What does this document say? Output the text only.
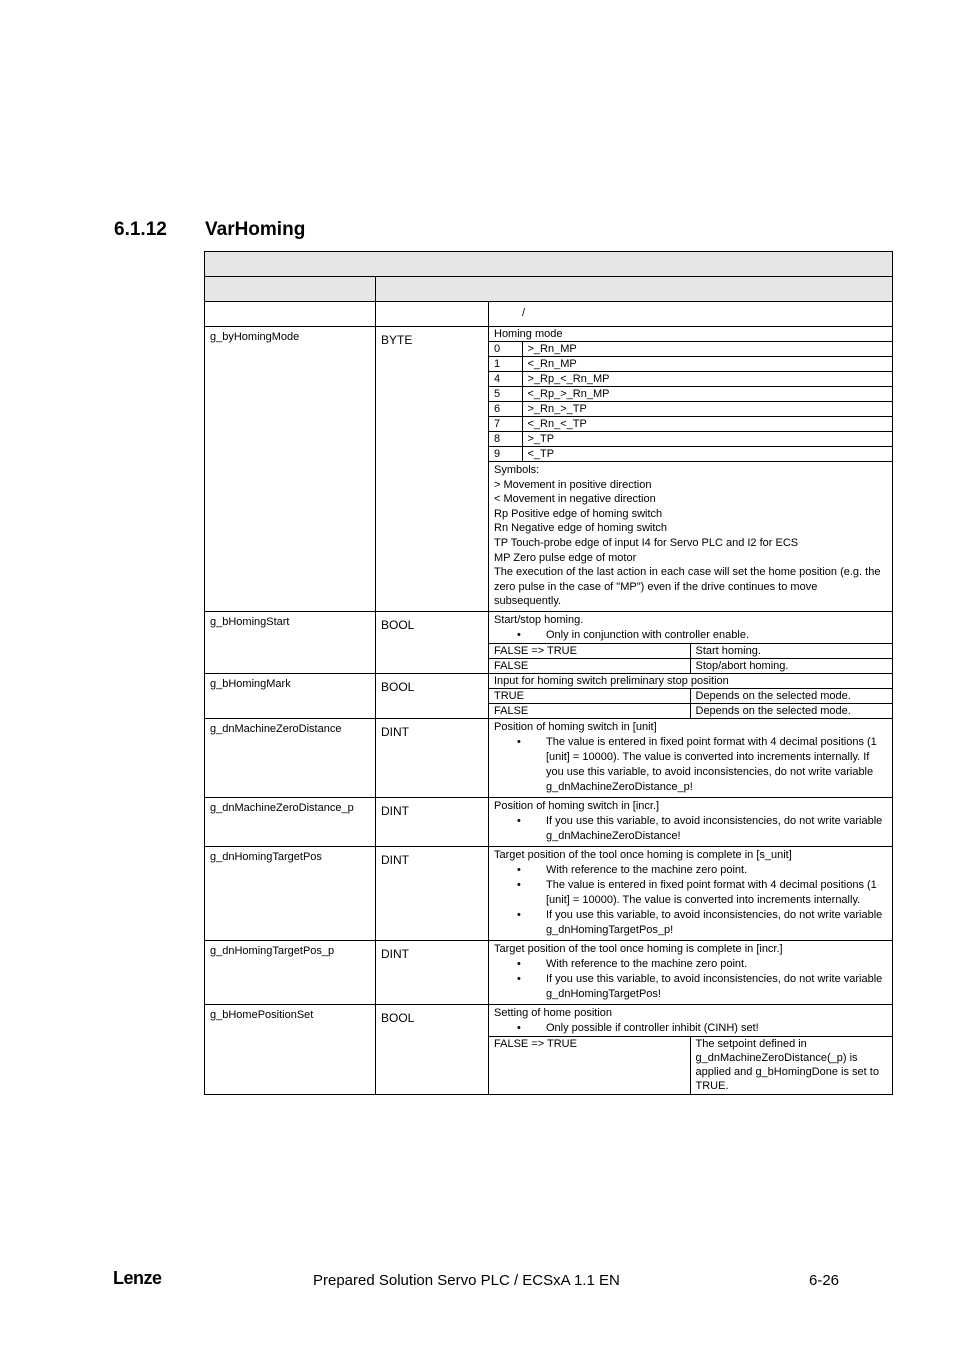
6.1.12	VarHoming

		/
g_byHomingMode	BYTE		Homing mode
0	>_Rn_MP
1	<_Rn_MP
4	>_Rp_<_Rn_MP
5	<_Rp_>_Rn_MP
6	>_Rn_>_TP
7	<_Rn_<_TP
8	>_TP
9	<_TP

Symbols:
> Movement in positive direction
< Movement in negative direction
Rp Positive edge of homing switch
Rn Negative edge of homing switch
TP Touch-probe edge of input I4 for Servo PLC and I2 for ECS
MP Zero pulse edge of motor
The execution of the last action in each case will set the home position (e.g. the zero pulse in the case of "MP") even if the drive continues to move subsequently.

g_bHomingStart	BOOL		Start/stop homing.
• Only in conjunction with controller enable.

FALSE => TRUE	Start homing.
FALSE	Stop/abort homing.

g_bHomingMark	BOOL		Input for homing switch preliminary stop position
TRUE	Depends on the selected mode.
FALSE	Depends on the selected mode.

g_dnMachineZeroDistance	DINT	Position of homing switch in [unit]
• The value is entered in fixed point format with 4 decimal positions (1 [unit] = 10000). The value is converted into increments internally. If you use this variable, to avoid inconsistencies, do not write variable g_dnMachineZeroDistance_p!

g_dnMachineZeroDistance_p	DINT	Position of homing switch in [incr.]
• If you use this variable, to avoid inconsistencies, do not write variable g_dnMachineZeroDistance!

g_dnHomingTargetPos	DINT	Target position of the tool once homing is complete in [s_unit]
• With reference to the machine zero point.
• The value is entered in fixed point format with 4 decimal positions (1 [unit] = 10000). The value is converted into increments internally.
• If you use this variable, to avoid inconsistencies, do not write variable g_dnHomingTargetPos_p!

g_dnHomingTargetPos_p	DINT	Target position of the tool once homing is complete in [incr.]
• With reference to the machine zero point.
• If you use this variable, to avoid inconsistencies, do not write variable g_dnHomingTargetPos!

g_bHomePositionSet	BOOL		Setting of home position
• Only possible if controller inhibit (CINH) set!

FALSE => TRUE	The setpoint defined in g_dnMachineZeroDistance(_p) is applied and g_bHomingDone is set to TRUE.
Lenze	Prepared Solution Servo PLC / ECSxA 1.1 EN	6-26
